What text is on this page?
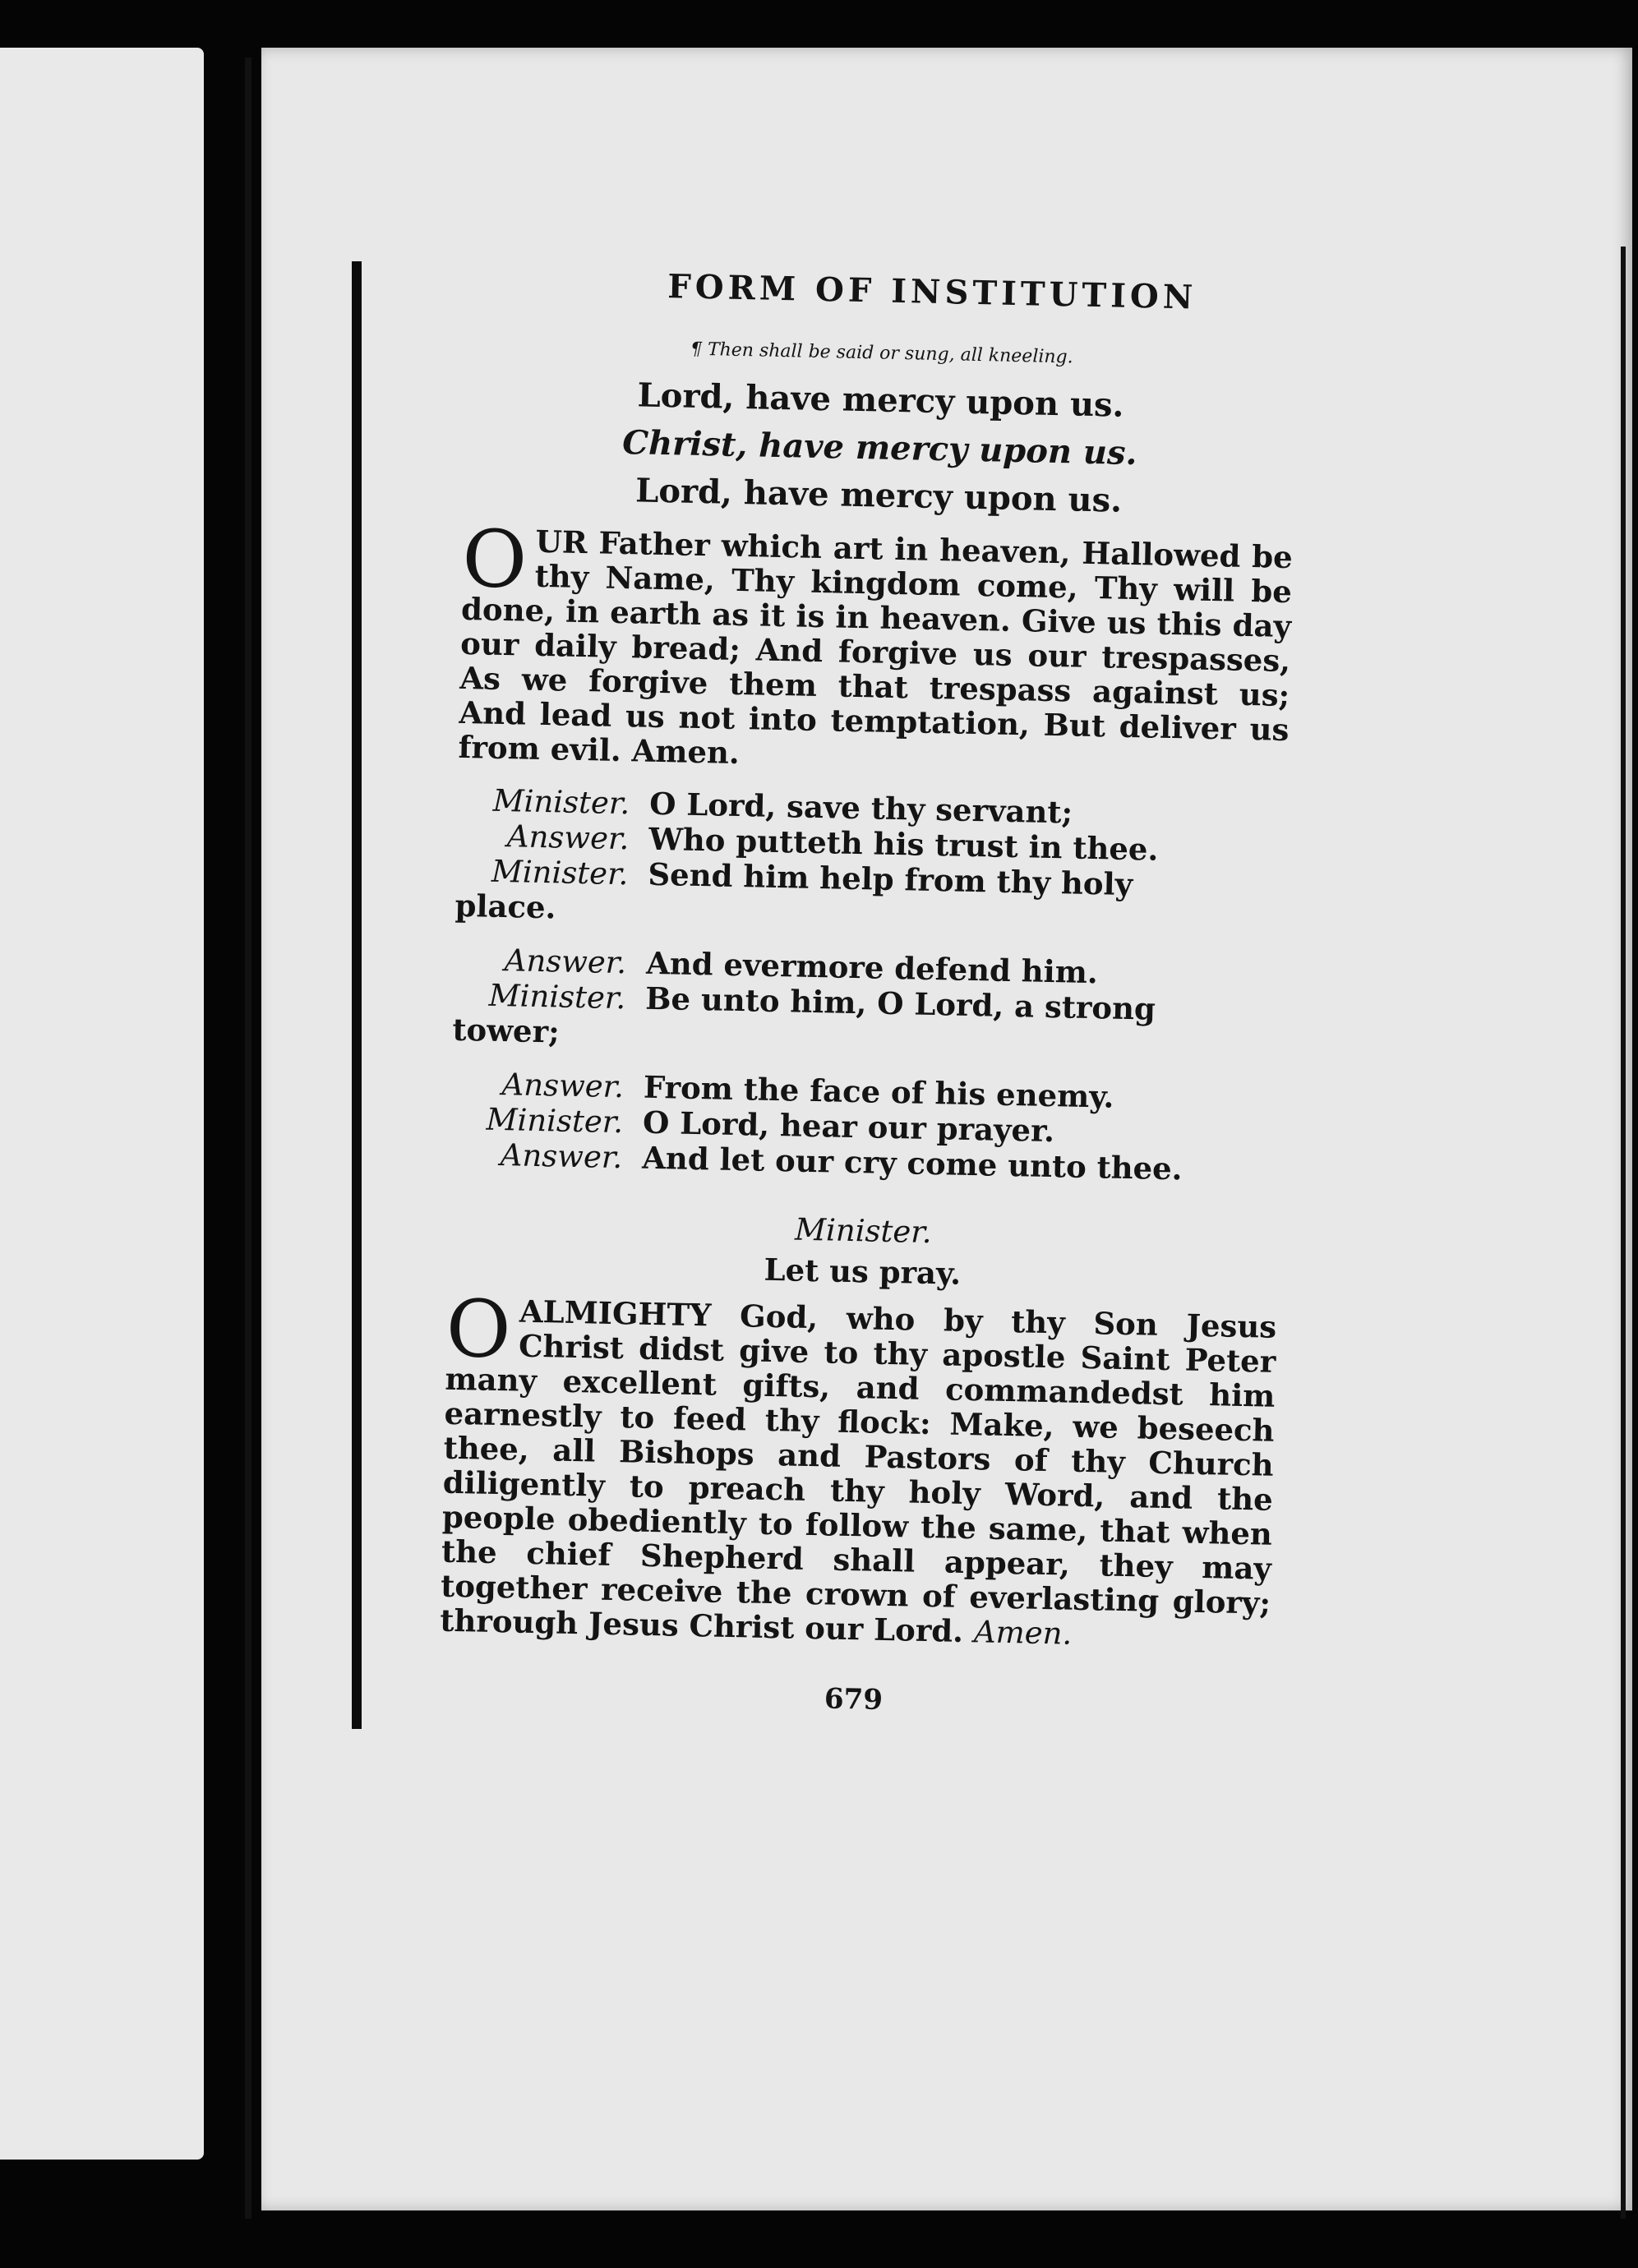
FORM OF INSTITUTION

¶ Then shall be said or sung, all kneeling.

Lord, have mercy upon us.

Christ, have mercy upon us.

Lord, have mercy upon us.

O UR Father which art in heaven, Hallowed be thy Name, Thy kingdom come, Thy will be done, in earth as it is in heaven. Give us this day our daily bread; And forgive us our trespasses, As we forgive them that trespass against us; And lead us not into temptation, But deliver us from evil. Amen.

Minister. O Lord, save thy servant;

Answer. Who putteth his trust in thee.

Minister. Send him help from thy holy

place.

Answer. And evermore defend him.

Minister. Be unto him, O Lord, a strong

tower;

Answer. From the face of his enemy.

Minister. O Lord, hear our prayer.

Answer. And let our cry come unto thee.

Minister.

Let us pray.

O ALMIGHTY God, who by thy Son Jesus Christ didst give to thy apostle Saint Peter many excellent gifts, and commandedst him earnestly to feed thy flock: Make, we beseech thee, all Bishops and Pastors of thy Church diligently to preach thy holy Word, and the people obediently to follow the same, that when the chief Shepherd shall appear, they may together receive the crown of everlasting glory; through Jesus Christ our Lord. Amen.

679
